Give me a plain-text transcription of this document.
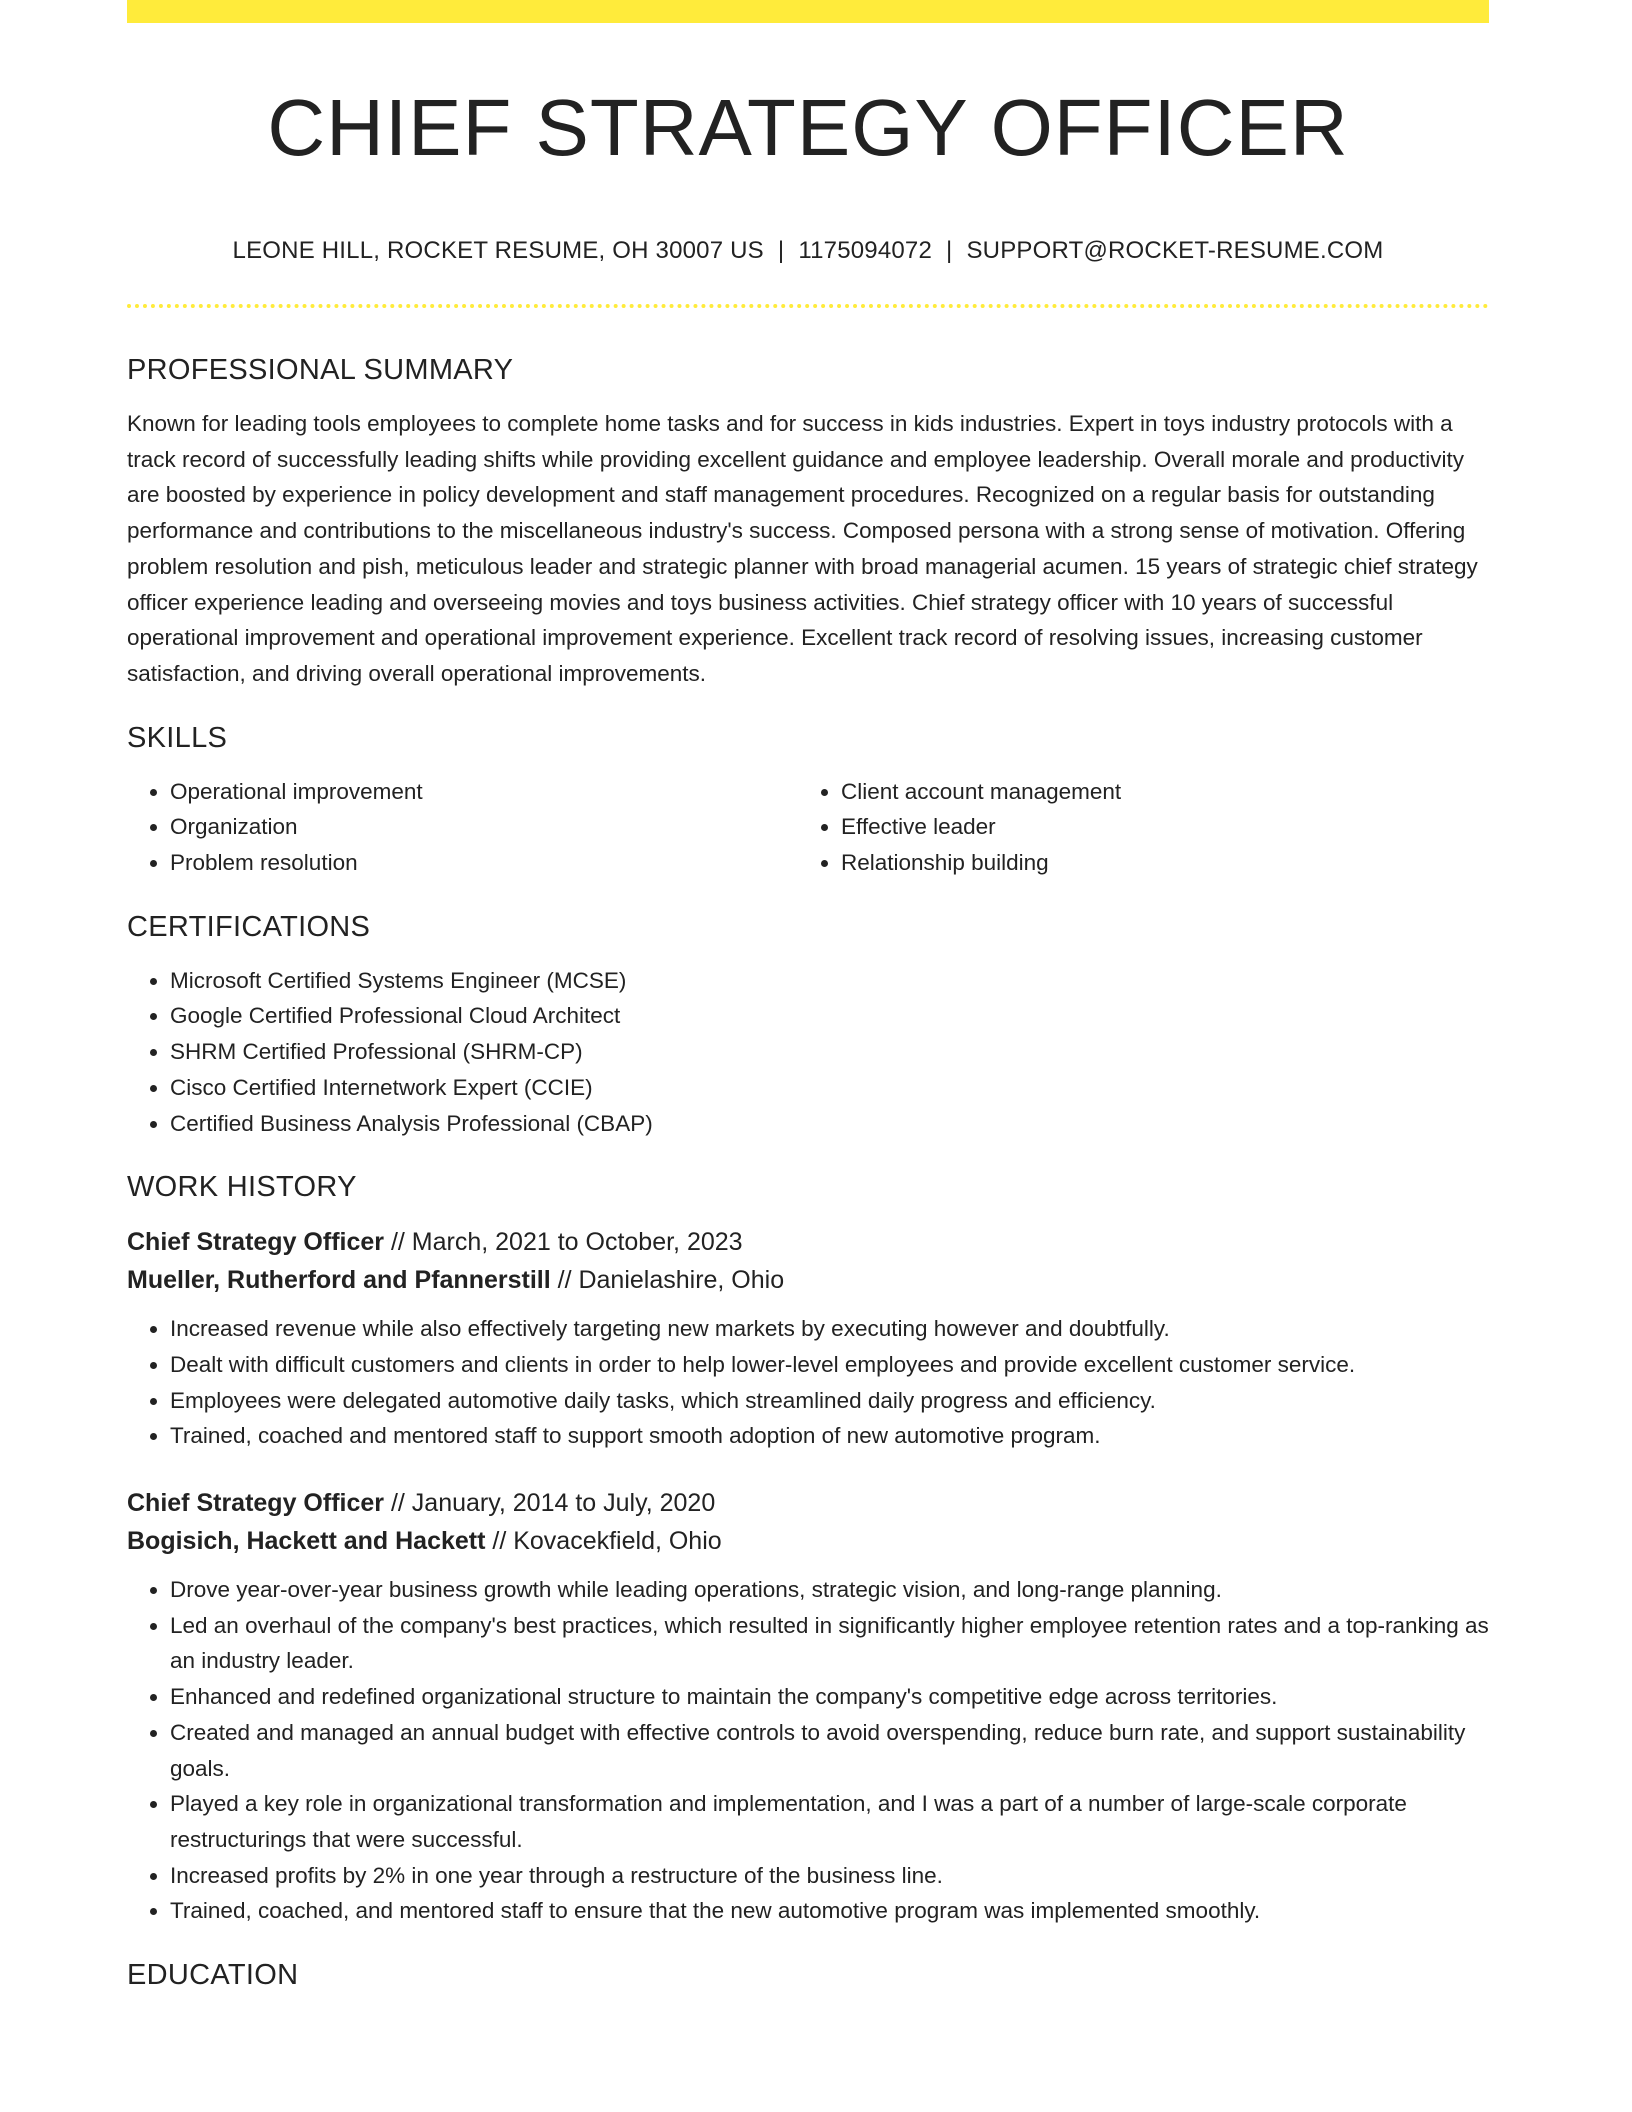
CHIEF STRATEGY OFFICER
LEONE HILL, ROCKET RESUME, OH 30007 US | 1175094072 | SUPPORT@ROCKET-RESUME.COM
PROFESSIONAL SUMMARY

Known for leading tools employees to complete home tasks and for success in kids industries. Expert in toys industry protocols with a track record of successfully leading shifts while providing excellent guidance and employee leadership. Overall morale and productivity are boosted by experience in policy development and staff management procedures. Recognized on a regular basis for outstanding performance and contributions to the miscellaneous industry's success. Composed persona with a strong sense of motivation. Offering problem resolution and pish, meticulous leader and strategic planner with broad managerial acumen. 15 years of strategic chief strategy officer experience leading and overseeing movies and toys business activities. Chief strategy officer with 10 years of successful operational improvement and operational improvement experience. Excellent track record of resolving issues, increasing customer satisfaction, and driving overall operational improvements.

SKILLS
• Operational improvement
• Organization
• Problem resolution
• Client account management
• Effective leader
• Relationship building
CERTIFICATIONS
• Microsoft Certified Systems Engineer (MCSE)
• Google Certified Professional Cloud Architect
• SHRM Certified Professional (SHRM-CP)
• Cisco Certified Internetwork Expert (CCIE)
• Certified Business Analysis Professional (CBAP)
WORK HISTORY
Chief Strategy Officer // March, 2021 to October, 2023
Mueller, Rutherford and Pfannerstill // Danielashire, Ohio
• Increased revenue while also effectively targeting new markets by executing however and doubtfully.
• Dealt with difficult customers and clients in order to help lower-level employees and provide excellent customer service.
• Employees were delegated automotive daily tasks, which streamlined daily progress and efficiency.
• Trained, coached and mentored staff to support smooth adoption of new automotive program.
Chief Strategy Officer // January, 2014 to July, 2020
Bogisich, Hackett and Hackett // Kovacekfield, Ohio
• Drove year-over-year business growth while leading operations, strategic vision, and long-range planning.
• Led an overhaul of the company's best practices, which resulted in significantly higher employee retention rates and a top-ranking as an industry leader.
• Enhanced and redefined organizational structure to maintain the company's competitive edge across territories.
• Created and managed an annual budget with effective controls to avoid overspending, reduce burn rate, and support sustainability goals.
• Played a key role in organizational transformation and implementation, and I was a part of a number of large-scale corporate restructurings that were successful.
• Increased profits by 2% in one year through a restructure of the business line.
• Trained, coached, and mentored staff to ensure that the new automotive program was implemented smoothly.
EDUCATION
